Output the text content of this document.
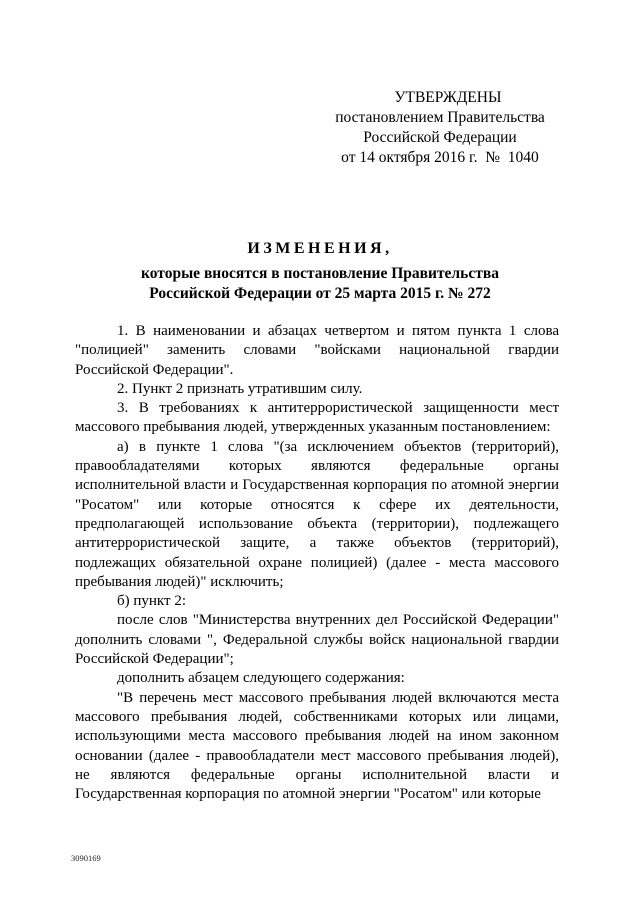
УТВЕРЖДЕНЫ
постановлением Правительства
Российской Федерации
от 14 октября 2016 г.  №  1040
ИЗМЕНЕНИЯ,
которые вносятся в постановление Правительства
Российской Федерации от 25 марта 2015 г. № 272

1. В наименовании и абзацах четвертом и пятом пункта 1 слова "полицией" заменить словами "войсками национальной гвардии Российской Федерации".

2. Пункт 2 признать утратившим силу.

3. В требованиях к антитеррористической защищенности мест массового пребывания людей, утвержденных указанным постановлением:

а) в пункте 1 слова "(за исключением объектов (территорий), правообладателями которых являются федеральные органы исполнительной власти и Государственная корпорация по атомной энергии "Росатом" или которые относятся к сфере их деятельности, предполагающей использование объекта (территории), подлежащего антитеррористической защите, а также объектов (территорий), подлежащих обязательной охране полицией) (далее - места массового пребывания людей)" исключить;

б) пункт 2:

после слов "Министерства внутренних дел Российской Федерации" дополнить словами ", Федеральной службы войск национальной гвардии Российской Федерации";

дополнить абзацем следующего содержания:

"В перечень мест массового пребывания людей включаются места массового пребывания людей, собственниками которых или лицами, использующими места массового пребывания людей на ином законном основании (далее - правообладатели мест массового пребывания людей), не являются федеральные органы исполнительной власти и Государственная корпорация по атомной энергии "Росатом" или которые

3090169
